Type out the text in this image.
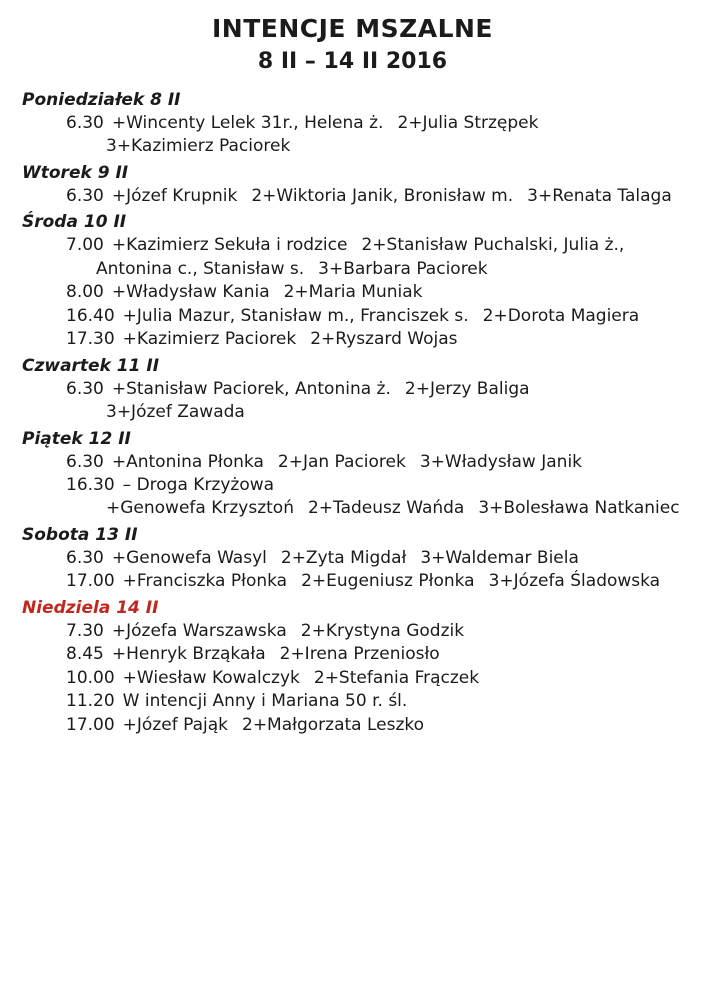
INTENCJE MSZALNE
8 II – 14 II 2016
Poniedziałek 8 II
6.30 +Wincenty Lelek 31r., Helena ż. 2+Julia Strzępek
3+Kazimierz Paciorek
Wtorek 9 II
6.30 +Józef Krupnik 2+Wiktoria Janik, Bronisław m. 3+Renata Talaga
Środa 10 II
7.00 +Kazimierz Sekuła i rodzice 2+Stanisław Puchalski, Julia ż.,
Antonina c., Stanisław s. 3+Barbara Paciorek
8.00 +Władysław Kania 2+Maria Muniak
16.40 +Julia Mazur, Stanisław m., Franciszek s. 2+Dorota Magiera
17.30 +Kazimierz Paciorek 2+Ryszard Wojas
Czwartek 11 II
6.30 +Stanisław Paciorek, Antonina ż. 2+Jerzy Baliga
3+Józef Zawada
Piątek 12 II
6.30 +Antonina Płonka 2+Jan Paciorek 3+Władysław Janik
16.30 – Droga Krzyżowa
+Genowefa Krzysztoń 2+Tadeusz Wańda 3+Bolesława Natkaniec
Sobota 13 II
6.30 +Genowefa Wasyl 2+Zyta Migdał 3+Waldemar Biela
17.00 +Franciszka Płonka 2+Eugeniusz Płonka 3+Józefa Śladowska
Niedziela 14 II
7.30 +Józefa Warszawska 2+Krystyna Godzik
8.45 +Henryk Brząkała 2+Irena Przeniosło
10.00 +Wiesław Kowalczyk 2+Stefania Frączek
11.20 W intencji Anny i Mariana 50 r. śl.
17.00 +Józef Pająk 2+Małgorzata Leszko
